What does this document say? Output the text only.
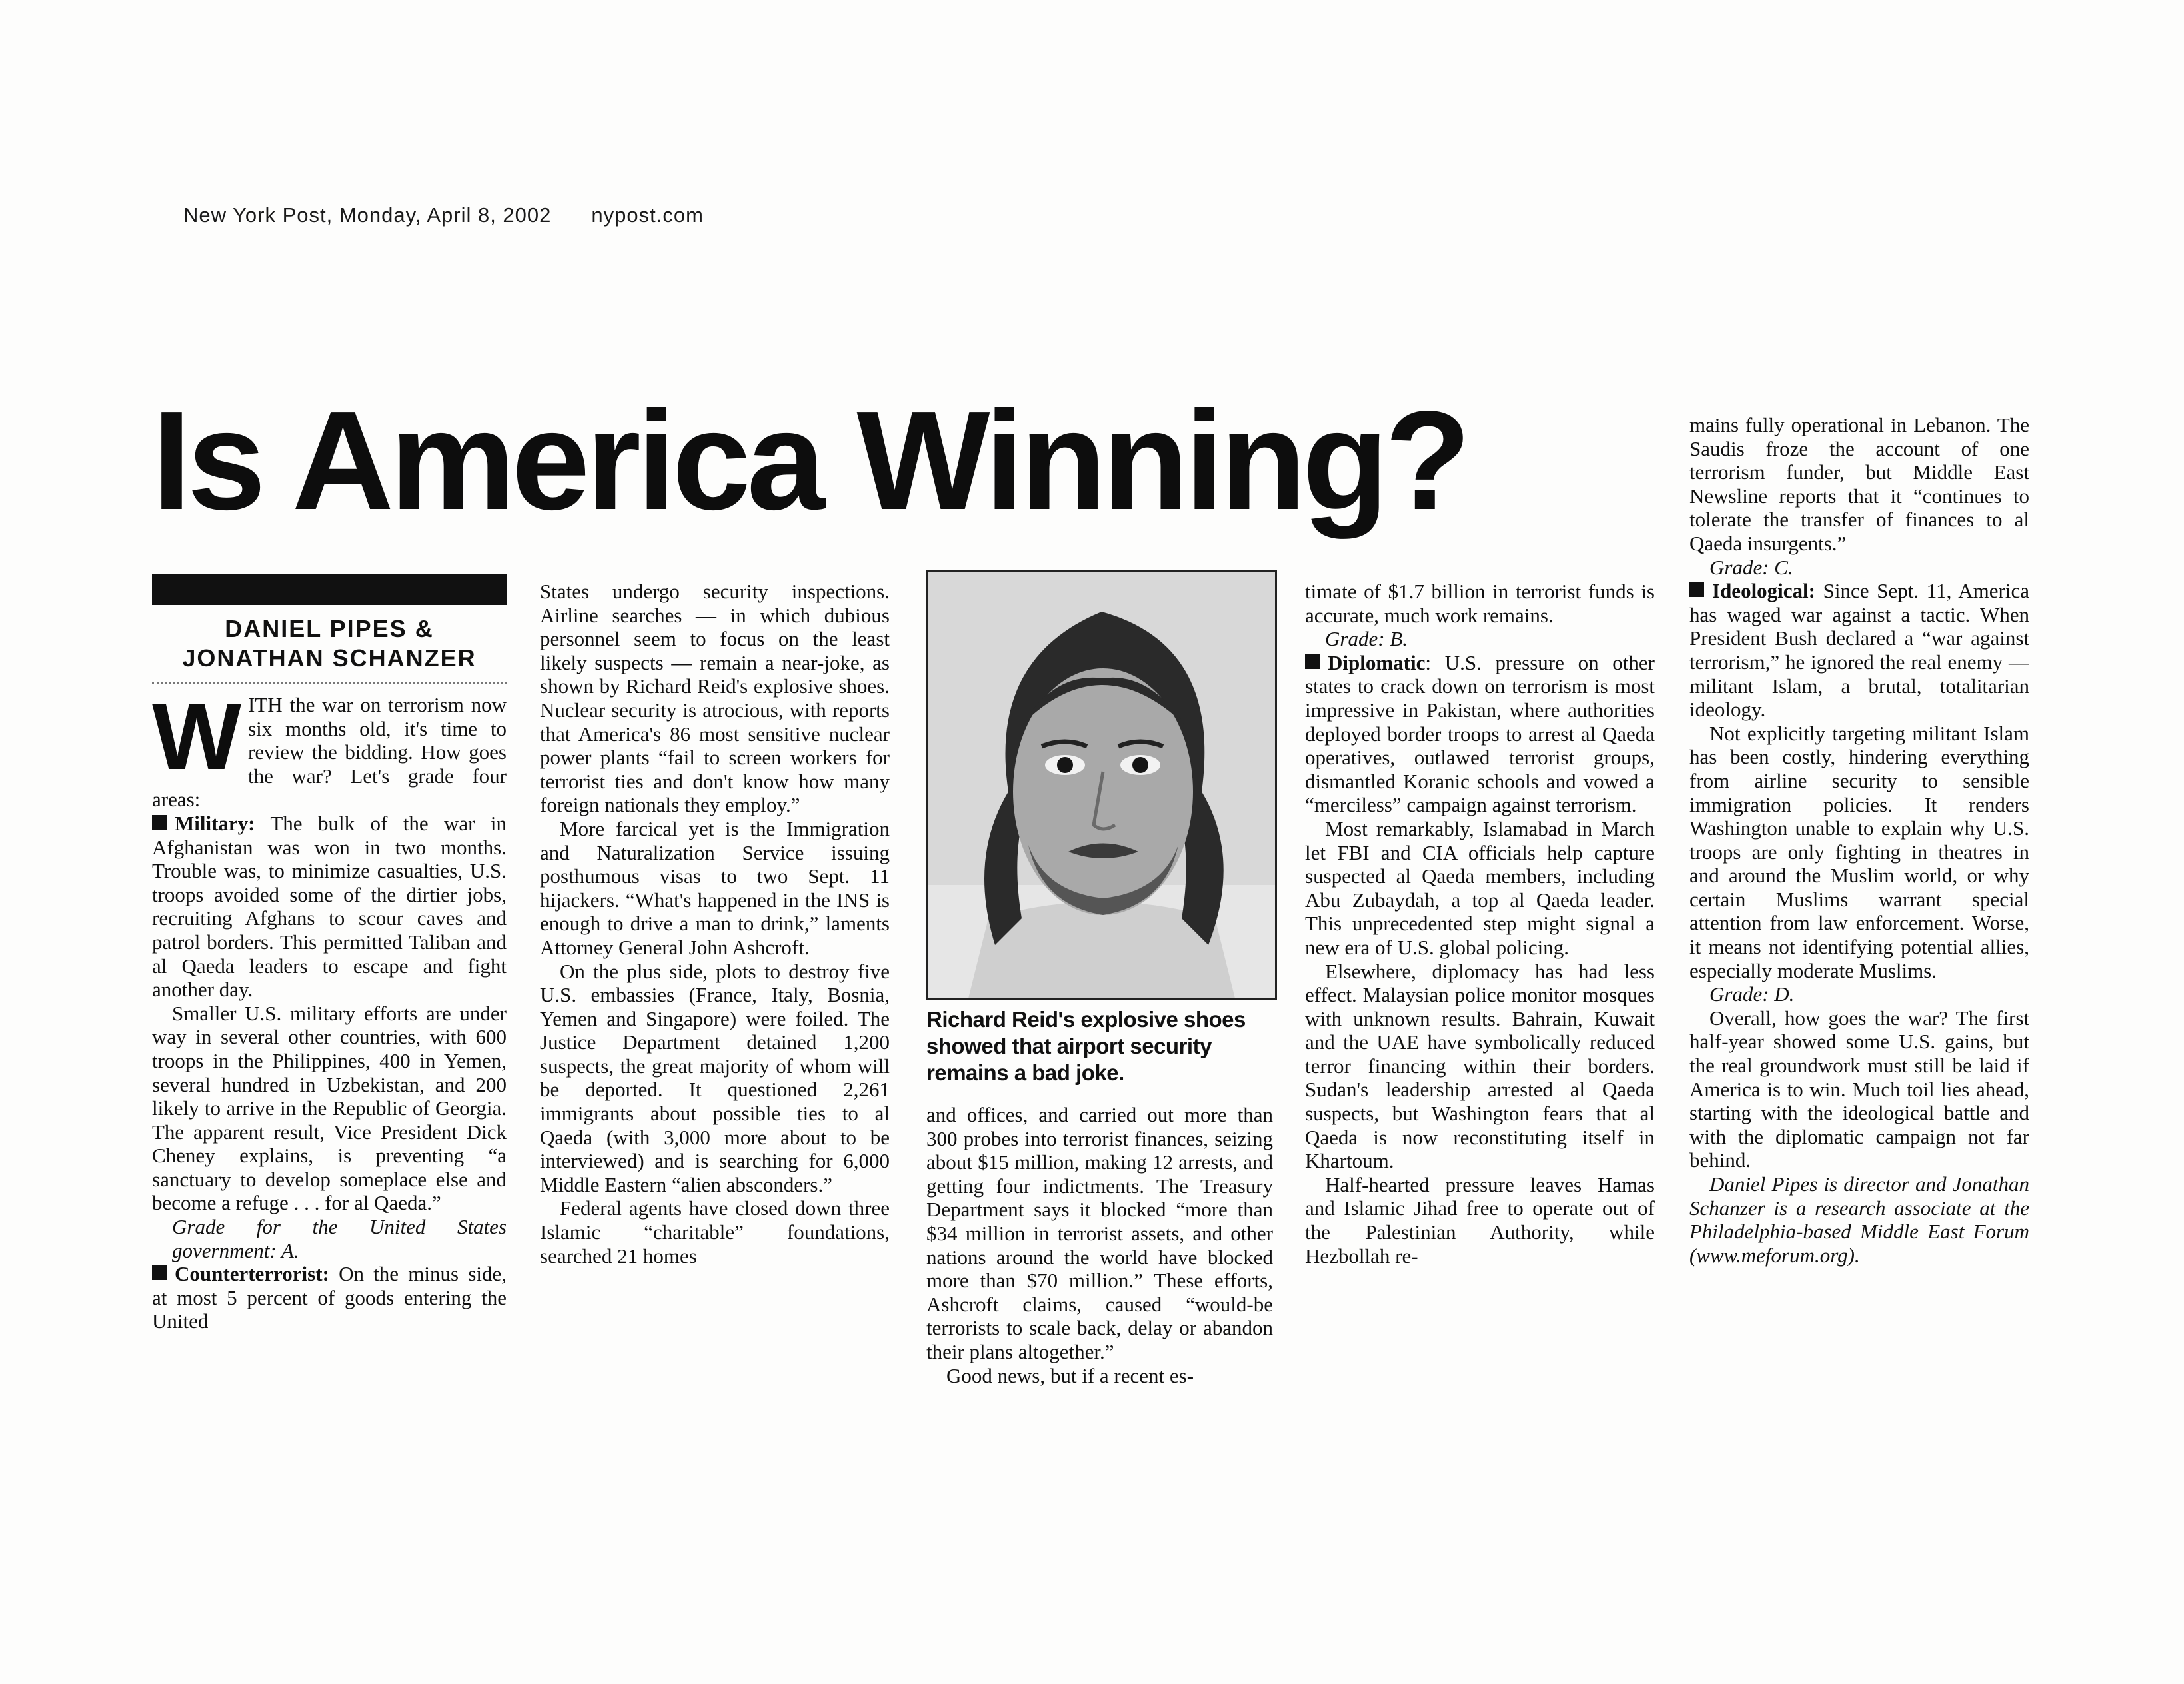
New York Post, Monday, April 8, 2002 nypost.com
Is America Winning?
DANIEL PIPES &
JONATHAN SCHANZER

WITH the war on terrorism now six months old, it's time to review the bidding. How goes the war? Let's grade four areas:

Military: The bulk of the war in Afghanistan was won in two months. Trouble was, to minimize casualties, U.S. troops avoided some of the dirtier jobs, recruiting Afghans to scour caves and patrol borders. This permitted Taliban and al Qaeda leaders to escape and fight another day.

Smaller U.S. military efforts are under way in several other countries, with 600 troops in the Philippines, 400 in Yemen, several hundred in Uzbekistan, and 200 likely to arrive in the Republic of Georgia. The apparent result, Vice President Dick Cheney explains, is preventing “a sanctuary to develop someplace else and become a refuge . . . for al Qaeda.”

Grade for the United States government: A.

Counterterrorist: On the minus side, at most 5 percent of goods entering the United

States undergo security inspections. Airline searches — in which dubious personnel seem to focus on the least likely suspects — remain a near-joke, as shown by Richard Reid's explosive shoes. Nuclear security is atrocious, with reports that America's 86 most sensitive nuclear power plants “fail to screen workers for terrorist ties and don't know how many foreign nationals they employ.”

More farcical yet is the Immigration and Naturalization Service issuing posthumous visas to two Sept. 11 hijackers. “What's happened in the INS is enough to drive a man to drink,” laments Attorney General John Ashcroft.

On the plus side, plots to destroy five U.S. embassies (France, Italy, Bosnia, Yemen and Singapore) were foiled. The Justice Department detained 1,200 suspects, the great majority of whom will be deported. It questioned 2,261 immigrants about possible ties to al Qaeda (with 3,000 more about to be interviewed) and is searching for 6,000 Middle Eastern “alien absconders.”

Federal agents have closed down three Islamic “charitable” foundations, searched 21 homes

Richard Reid's explosive shoes showed that airport security remains a bad joke.

and offices, and carried out more than 300 probes into terrorist finances, seizing about $15 million, making 12 arrests, and getting four indictments. The Treasury Department says it blocked “more than $34 million in terrorist assets, and other nations around the world have blocked more than $70 million.” These efforts, Ashcroft claims, caused “would-be terrorists to scale back, delay or abandon their plans altogether.”

Good news, but if a recent es-

timate of $1.7 billion in terrorist funds is accurate, much work remains.

Grade: B.

Diplomatic: U.S. pressure on other states to crack down on terrorism is most impressive in Pakistan, where authorities deployed border troops to arrest al Qaeda operatives, outlawed terrorist groups, dismantled Koranic schools and vowed a “merciless” campaign against terrorism.

Most remarkably, Islamabad in March let FBI and CIA officials help capture suspected al Qaeda members, including Abu Zubaydah, a top al Qaeda leader. This unprecedented step might signal a new era of U.S. global policing.

Elsewhere, diplomacy has had less effect. Malaysian police monitor mosques with unknown results. Bahrain, Kuwait and the UAE have symbolically reduced terror financing within their borders. Sudan's leadership arrested al Qaeda suspects, but Washington fears that al Qaeda is now reconstituting itself in Khartoum.

Half-hearted pressure leaves Hamas and Islamic Jihad free to operate out of the Palestinian Authority, while Hezbollah re-

mains fully operational in Lebanon. The Saudis froze the account of one terrorism funder, but Middle East Newsline reports that it “continues to tolerate the transfer of finances to al Qaeda insurgents.”

Grade: C.

Ideological: Since Sept. 11, America has waged war against a tactic. When President Bush declared a “war against terrorism,” he ignored the real enemy — militant Islam, a brutal, totalitarian ideology.

Not explicitly targeting militant Islam has been costly, hindering everything from airline security to sensible immigration policies. It renders Washington unable to explain why U.S. troops are only fighting in theatres in and around the Muslim world, or why certain Muslims warrant special attention from law enforcement. Worse, it means not identifying potential allies, especially moderate Muslims.

Grade: D.

Overall, how goes the war? The first half-year showed some U.S. gains, but the real groundwork must still be laid if America is to win. Much toil lies ahead, starting with the ideological battle and with the diplomatic campaign not far behind.

Daniel Pipes is director and Jonathan Schanzer is a research associate at the Philadelphia-based Middle East Forum (www.meforum.org).
